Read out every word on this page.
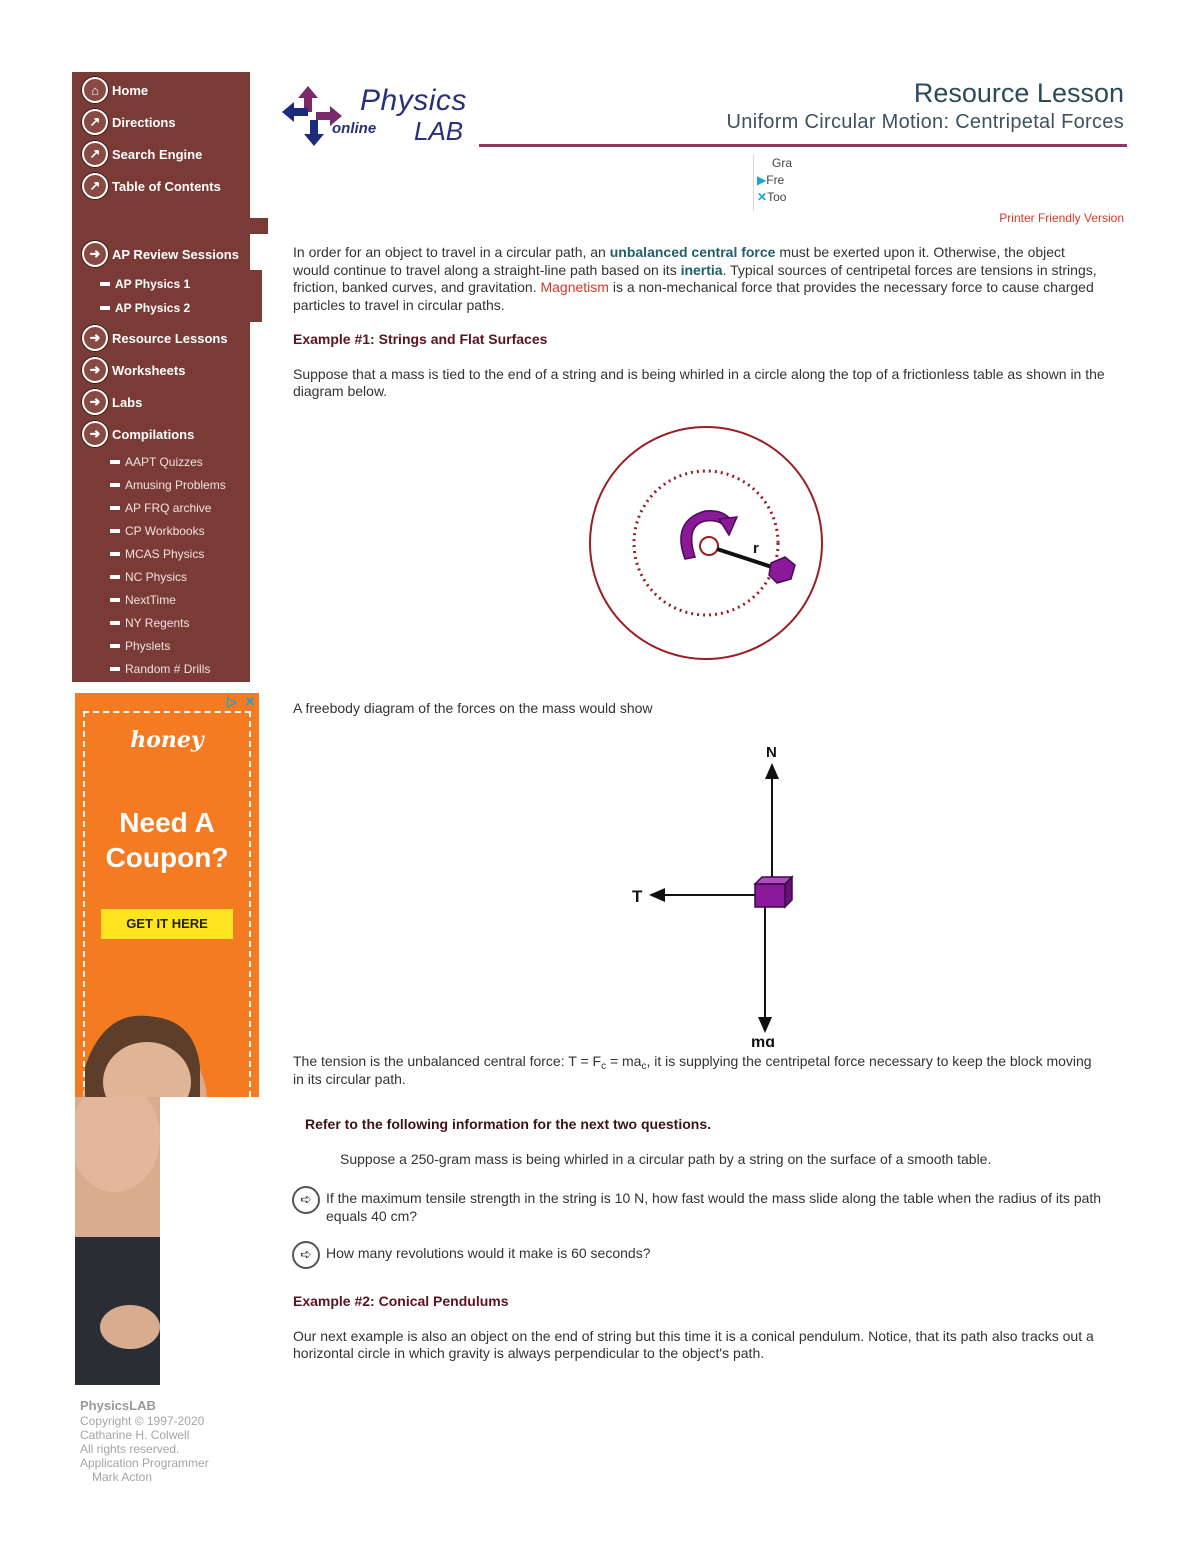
⌂	Home
↗ Directions
↗ Search Engine
↗ Table of Contents
➜ AP Review Sessions
AP Physics 1
AP Physics 2
➜ Resource Lessons
➜ Worksheets
➜ Labs
➜ Compilations
AAPT Quizzes
Amusing Problems
AP FRQ archive
CP Workbooks
MCAS Physics
NC Physics
NextTime
NY Regents
Physlets
Random # Drills
▷ ✕
honey
Need A
Coupon?
GET IT HERE
PhysicsLAB
Copyright © 1997-2020
Catharine H. Colwell
All rights reserved.
Application Programmer
Mark Acton
Physics
online LAB
Resource Lesson
Uniform Circular Motion: Centripetal Forces
Gra
▶Fre
✕Too
Printer Friendly Version

In order for an object to travel in a circular path, an unbalanced central force must be exerted upon it. Otherwise, the object would continue to travel along a straight-line path based on its inertia. Typical sources of centripetal forces are tensions in strings, friction, banked curves, and gravitation. Magnetism is a non-mechanical force that provides the necessary force to cause charged particles to travel in circular paths.

Example #1: Strings and Flat Surfaces

Suppose that a mass is tied to the end of a string and is being whirled in a circle along the top of a frictionless table as shown in the diagram below.

r

A freebody diagram of the forces on the mass would show

N
T
mg

The tension is the unbalanced central force: $T = F_c = ma_c$, it is supplying the centripetal force necessary to keep the block moving in its circular path.

Refer to the following information for the next two questions.

Suppose a 250-gram mass is being whirled in a circular path by a string on the surface of a smooth table.

➪	If the maximum tensile strength in the string is 10 N, how fast would the mass slide along the table when the radius of its path equals 40 cm?
➪	How many revolutions would it make is 60 seconds?
Example #2: Conical Pendulums

Our next example is also an object on the end of string but this time it is a conical pendulum. Notice, that its path also tracks out a horizontal circle in which gravity is always perpendicular to the object's path.
